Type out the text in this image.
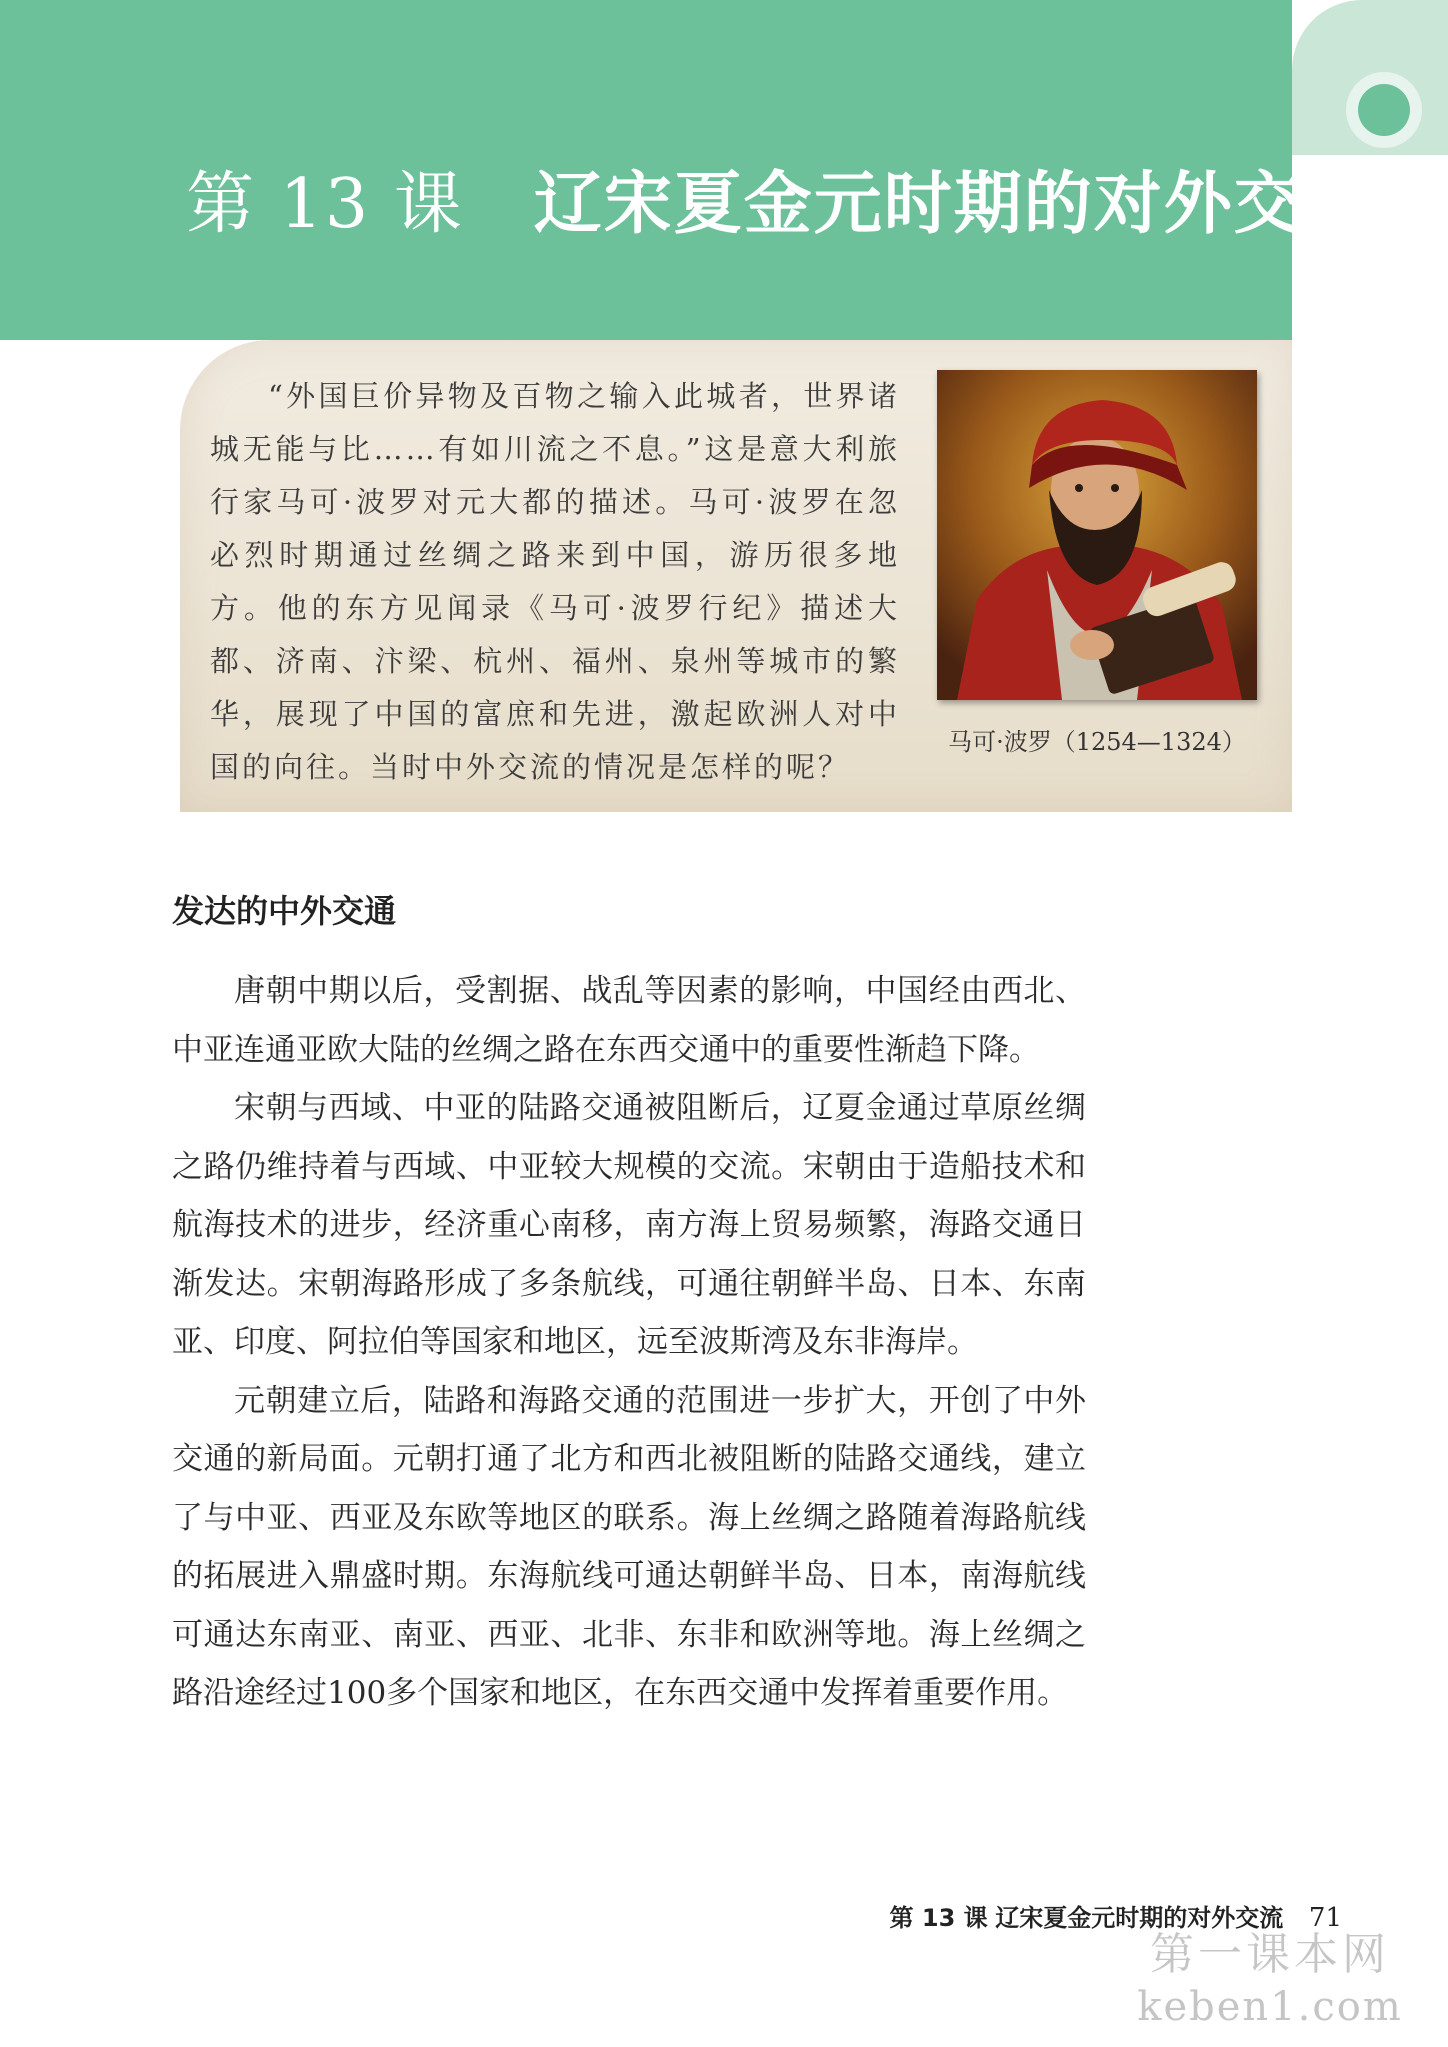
第 13 课 辽宋夏金元时期的对外交流

“外国巨价异物及百物之输入此城者，世界诸城无能与比……有如川流之不息。”这是意大利旅行家马可·波罗对元大都的描述。马可·波罗在忽必烈时期通过丝绸之路来到中国，游历很多地方。他的东方见闻录《马可·波罗行纪》描述大都、济南、汴梁、杭州、福州、泉州等城市的繁华，展现了中国的富庶和先进，激起欧洲人对中国的向往。当时中外交流的情况是怎样的呢？

马可·波罗（1254—1324）

发达的中外交通

唐朝中期以后，受割据、战乱等因素的影响，中国经由西北、中亚连通亚欧大陆的丝绸之路在东西交通中的重要性渐趋下降。

宋朝与西域、中亚的陆路交通被阻断后，辽夏金通过草原丝绸之路仍维持着与西域、中亚较大规模的交流。宋朝由于造船技术和航海技术的进步，经济重心南移，南方海上贸易频繁，海路交通日渐发达。宋朝海路形成了多条航线，可通往朝鲜半岛、日本、东南亚、印度、阿拉伯等国家和地区，远至波斯湾及东非海岸。

元朝建立后，陆路和海路交通的范围进一步扩大，开创了中外交通的新局面。元朝打通了北方和西北被阻断的陆路交通线，建立了与中亚、西亚及东欧等地区的联系。海上丝绸之路随着海路航线的拓展进入鼎盛时期。东海航线可通达朝鲜半岛、日本，南海航线可通达东南亚、南亚、西亚、北非、东非和欧洲等地。海上丝绸之路沿途经过100多个国家和地区，在东西交通中发挥着重要作用。

第 13 课 辽宋夏金元时期的对外交流 71

第一课本网
keben1.com
